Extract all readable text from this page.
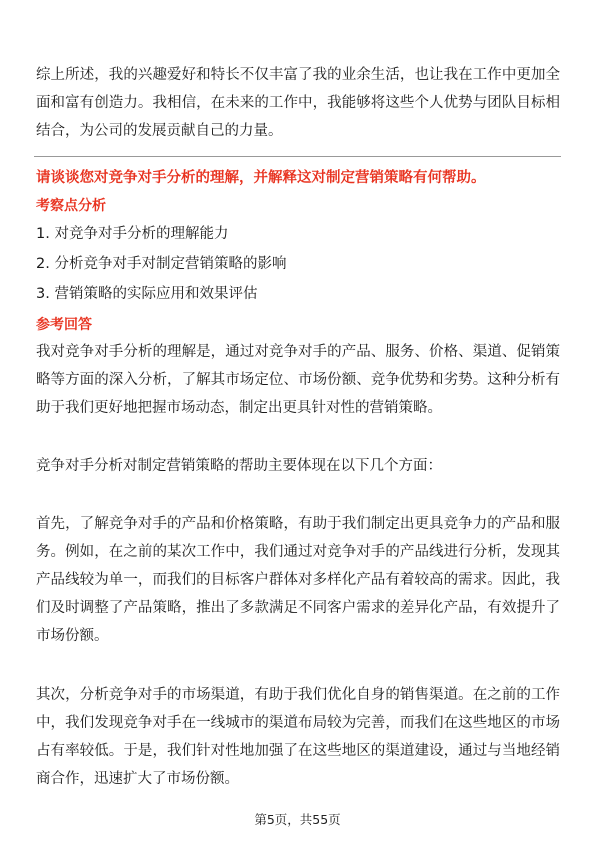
综上所述，我的兴趣爱好和特长不仅丰富了我的业余生活，也让我在工作中更加全面和富有创造力。我相信，在未来的工作中，我能够将这些个人优势与团队目标相结合，为公司的发展贡献自己的力量。

请谈谈您对竞争对手分析的理解，并解释这对制定营销策略有何帮助。

考察点分析

1. 对竞争对手分析的理解能力

2. 分析竞争对手对制定营销策略的影响

3. 营销策略的实际应用和效果评估

参考回答

我对竞争对手分析的理解是，通过对竞争对手的产品、服务、价格、渠道、促销策略等方面的深入分析，了解其市场定位、市场份额、竞争优势和劣势。这种分析有助于我们更好地把握市场动态，制定出更具针对性的营销策略。

竞争对手分析对制定营销策略的帮助主要体现在以下几个方面：

首先，了解竞争对手的产品和价格策略，有助于我们制定出更具竞争力的产品和服务。例如，在之前的某次工作中，我们通过对竞争对手的产品线进行分析，发现其产品线较为单一，而我们的目标客户群体对多样化产品有着较高的需求。因此，我们及时调整了产品策略，推出了多款满足不同客户需求的差异化产品，有效提升了市场份额。

其次，分析竞争对手的市场渠道，有助于我们优化自身的销售渠道。在之前的工作中，我们发现竞争对手在一线城市的渠道布局较为完善，而我们在这些地区的市场占有率较低。于是，我们针对性地加强了在这些地区的渠道建设，通过与当地经销商合作，迅速扩大了市场份额。

第5页，共55页
